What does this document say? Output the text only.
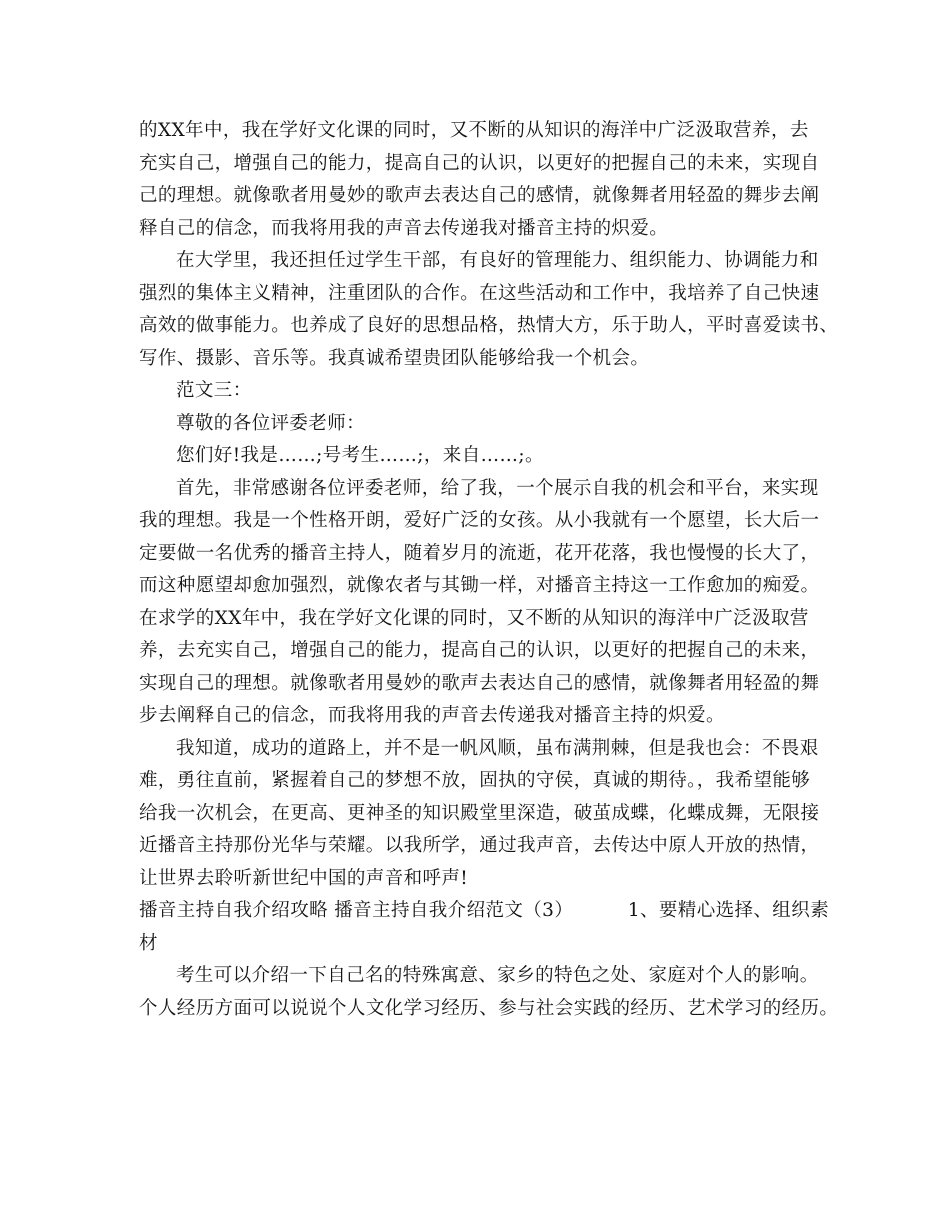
的XX年中，我在学好文化课的同时，又不断的从知识的海洋中广泛汲取营养，去
充实自己，增强自己的能力，提高自己的认识，以更好的把握自己的未来，实现自
己的理想。就像歌者用曼妙的歌声去表达自己的感情，就像舞者用轻盈的舞步去阐
释自己的信念，而我将用我的声音去传递我对播音主持的炽爱。
在大学里，我还担任过学生干部，有良好的管理能力、组织能力、协调能力和
强烈的集体主义精神，注重团队的合作。在这些活动和工作中，我培养了自己快速
高效的做事能力。也养成了良好的思想品格，热情大方，乐于助人，平时喜爱读书、
写作、摄影、音乐等。我真诚希望贵团队能够给我一个机会。
范文三：
尊敬的各位评委老师：
您们好!我是……;号考生……;，来自……;。
首先，非常感谢各位评委老师，给了我，一个展示自我的机会和平台，来实现
我的理想。我是一个性格开朗，爱好广泛的女孩。从小我就有一个愿望，长大后一
定要做一名优秀的播音主持人，随着岁月的流逝，花开花落，我也慢慢的长大了，
而这种愿望却愈加强烈，就像农者与其锄一样，对播音主持这一工作愈加的痴爱。
在求学的XX年中，我在学好文化课的同时，又不断的从知识的海洋中广泛汲取营
养，去充实自己，增强自己的能力，提高自己的认识，以更好的把握自己的未来，
实现自己的理想。就像歌者用曼妙的歌声去表达自己的感情，就像舞者用轻盈的舞
步去阐释自己的信念，而我将用我的声音去传递我对播音主持的炽爱。
我知道，成功的道路上，并不是一帆风顺，虽布满荆棘，但是我也会：不畏艰
难，勇往直前，紧握着自己的梦想不放，固执的守侯，真诚的期待。，我希望能够
给我一次机会，在更高、更神圣的知识殿堂里深造，破茧成蝶，化蝶成舞，无限接
近播音主持那份光华与荣耀。以我所学，通过我声音，去传达中原人开放的热情，
让世界去聆听新世纪中国的声音和呼声!
播音主持自我介绍攻略 播音主持自我介绍范文（3）	1、要精心选择、组织素
材
考生可以介绍一下自己名的特殊寓意、家乡的特色之处、家庭对个人的影响。
个人经历方面可以说说个人文化学习经历、参与社会实践的经历、艺术学习的经历。
